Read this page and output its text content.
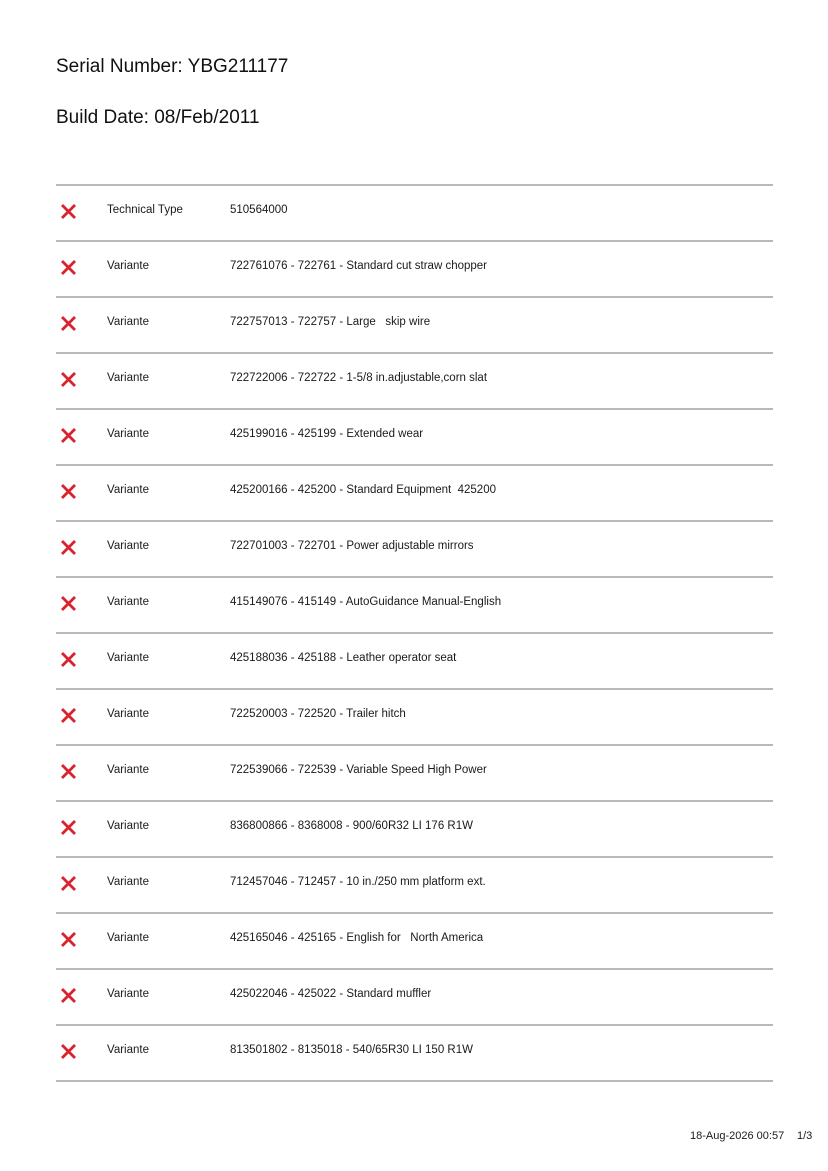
Serial Number: YBG211177
Build Date: 08/Feb/2011
Technical Type	510564000
Variante	722761076 - 722761 - Standard cut straw chopper
Variante	722757013 - 722757 - Large   skip wire
Variante	722722006 - 722722 - 1-5/8 in.adjustable,corn slat
Variante	425199016 - 425199 - Extended wear
Variante	425200166 - 425200 - Standard Equipment  425200
Variante	722701003 - 722701 - Power adjustable mirrors
Variante	415149076 - 415149 - AutoGuidance Manual-English
Variante	425188036 - 425188 - Leather operator seat
Variante	722520003 - 722520 - Trailer hitch
Variante	722539066 - 722539 - Variable Speed High Power
Variante	836800866 - 8368008 - 900/60R32 LI 176 R1W
Variante	712457046 - 712457 - 10 in./250 mm platform ext.
Variante	425165046 - 425165 - English for   North America
Variante	425022046 - 425022 - Standard muffler
Variante	813501802 - 8135018 - 540/65R30 LI 150 R1W
18-Aug-2026 00:57 1/3
